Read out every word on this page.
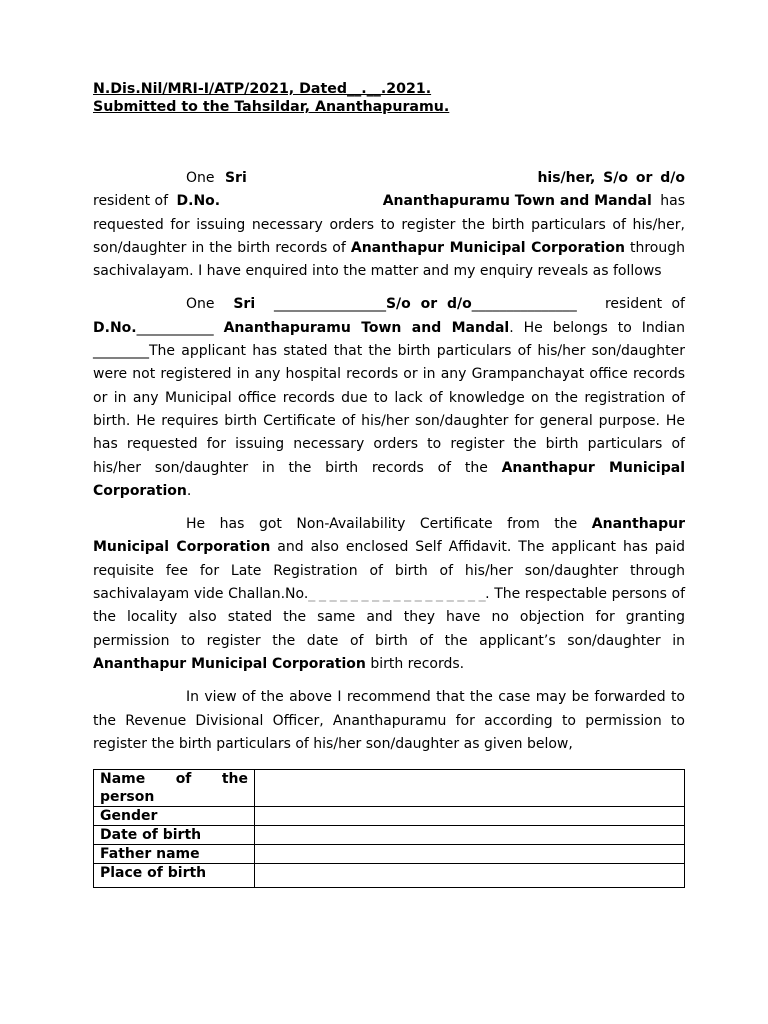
N.Dis.Nil/MRI-I/ATP/2021, Dated__.__.2021.
Submitted to the Tahsildar, Ananthapuramu.
One Sri	his/her, S/o or d/o
resident of D.No.	Ananthapuramu Town and Mandal has

requested for issuing necessary orders to register the birth particulars of his/her, son/daughter in the birth records of Ananthapur Municipal Corporation through sachivalayam. I have enquired into the matter and my enquiry reveals as follows

One Sri ________________S/o or d/o_______________ resident of D.No.___________ Ananthapuramu Town and Mandal. He belongs to Indian ________The applicant has stated that the birth particulars of his/her son/daughter were not registered in any hospital records or in any Grampanchayat office records or in any Municipal office records due to lack of knowledge on the registration of birth. He requires birth Certificate of his/her son/daughter for general purpose. He has requested for issuing necessary orders to register the birth particulars of his/her son/daughter in the birth records of the Ananthapur Municipal Corporation.

He has got Non-Availability Certificate from the Ananthapur Municipal Corporation and also enclosed Self Affidavit. The applicant has paid requisite fee for Late Registration of birth of his/her son/daughter through sachivalayam vide Challan.No._ _ _ _ _ _ _ _ _ _ _ _ _ _ _ _ _. The respectable persons of the locality also stated the same and they have no objection for granting permission to register the date of birth of the applicant’s son/daughter in Ananthapur Municipal Corporation birth records.

In view of the above I recommend that the case may be forwarded to the Revenue Divisional Officer, Ananthapuramu for according to permission to register the birth particulars of his/her son/daughter as given below,

Name of the person	
Gender	
Date of birth	
Father name	
Place of birth	
